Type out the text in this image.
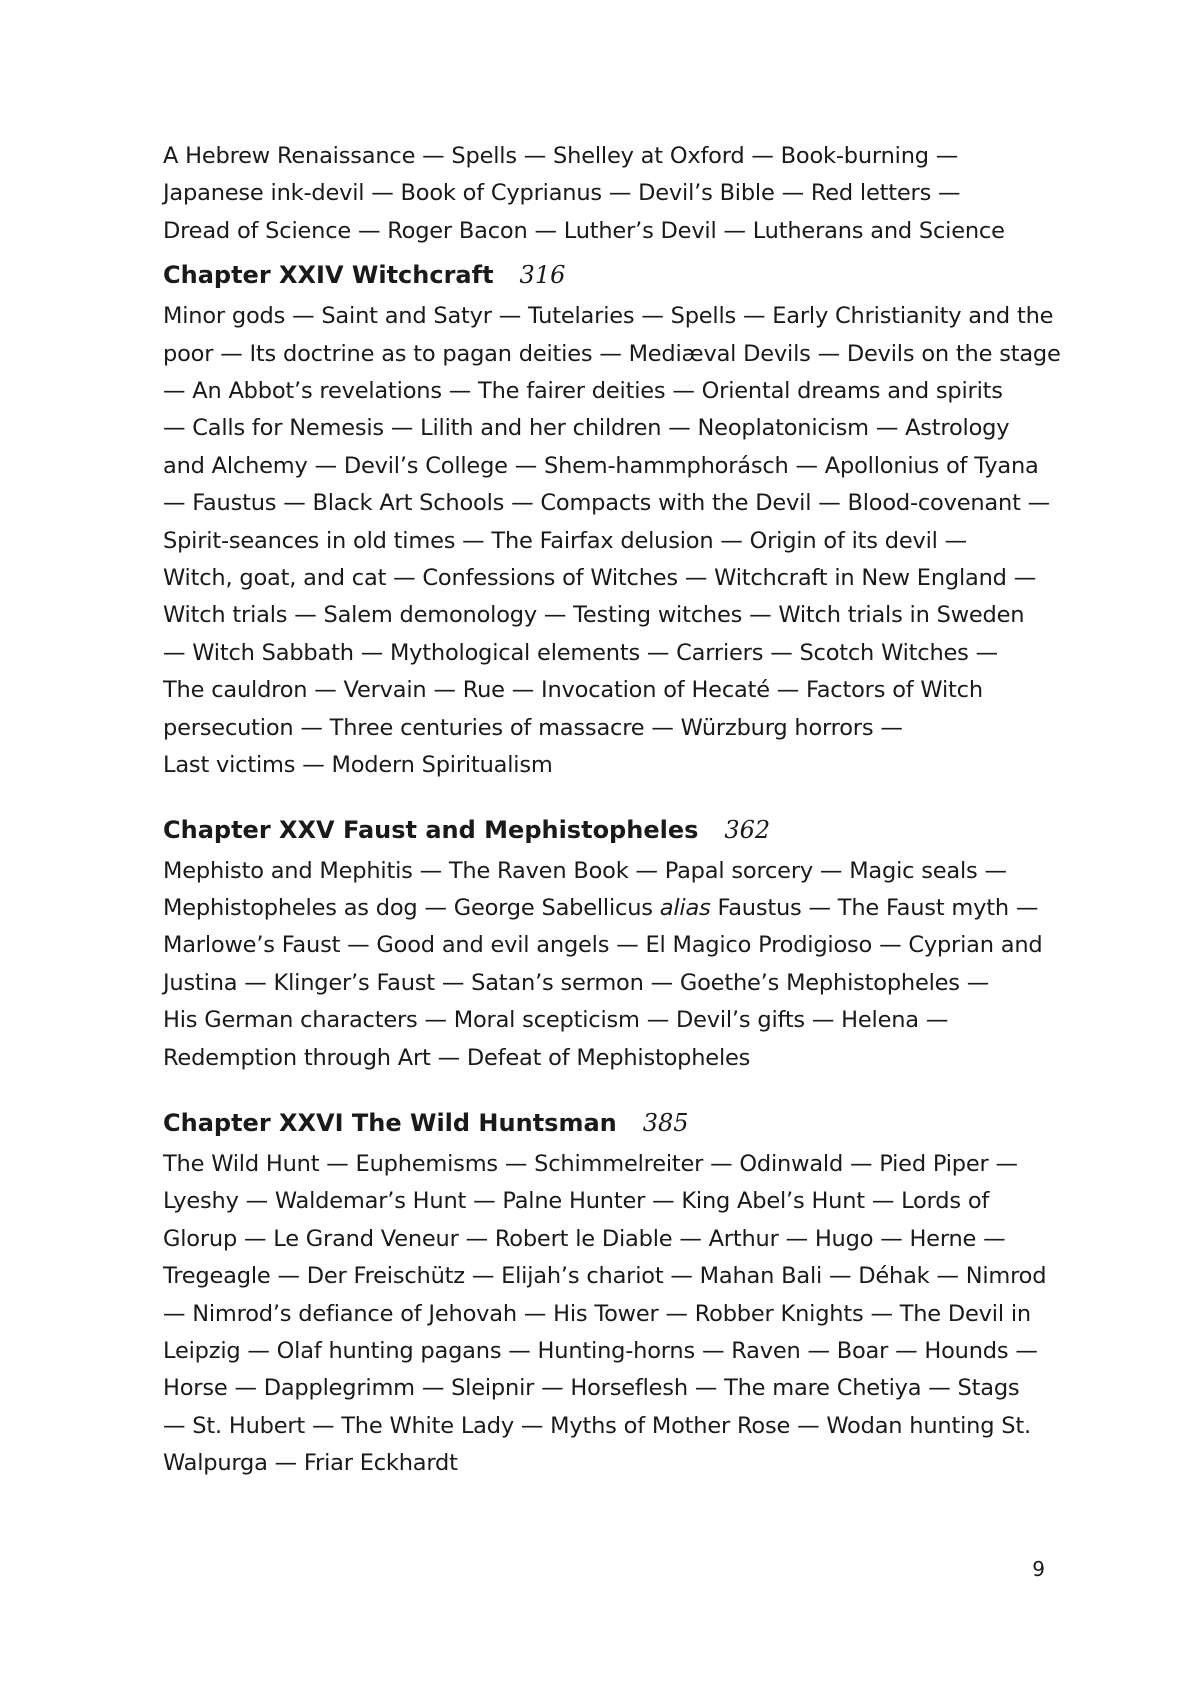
A Hebrew Renaissance — Spells — Shelley at Oxford — Book-burning —
Japanese ink-devil — Book of Cyprianus — Devil’s Bible — Red letters —
Dread of Science — Roger Bacon — Luther’s Devil — Lutherans and Science
Chapter XXIV Witchcraft 316
Minor gods — Saint and Satyr — Tutelaries — Spells — Early Christianity and the
poor — Its doctrine as to pagan deities — Mediæval Devils — Devils on the stage
— An Abbot’s revelations — The fairer deities — Oriental dreams and spirits
— Calls for Nemesis — Lilith and her children — Neoplatonicism — Astrology
and Alchemy — Devil’s College — Shem-hammphorásch — Apollonius of Tyana
— Faustus — Black Art Schools — Compacts with the Devil — Blood-covenant —
Spirit-seances in old times — The Fairfax delusion — Origin of its devil —
Witch, goat, and cat — Confessions of Witches — Witchcraft in New England —
Witch trials — Salem demonology — Testing witches — Witch trials in Sweden
— Witch Sabbath — Mythological elements — Carriers — Scotch Witches —
The cauldron — Vervain — Rue — Invocation of Hecaté — Factors of Witch
persecution — Three centuries of massacre — Würzburg horrors —
Last victims — Modern Spiritualism
Chapter XXV Faust and Mephistopheles 362
Mephisto and Mephitis — The Raven Book — Papal sorcery — Magic seals —
Mephistopheles as dog — George Sabellicus alias Faustus — The Faust myth —
Marlowe’s Faust — Good and evil angels — El Magico Prodigioso — Cyprian and
Justina — Klinger’s Faust — Satan’s sermon — Goethe’s Mephistopheles —
His German characters — Moral scepticism — Devil’s gifts — Helena —
Redemption through Art — Defeat of Mephistopheles
Chapter XXVI The Wild Huntsman 385
The Wild Hunt — Euphemisms — Schimmelreiter — Odinwald — Pied Piper —
Lyeshy — Waldemar’s Hunt — Palne Hunter — King Abel’s Hunt — Lords of
Glorup — Le Grand Veneur — Robert le Diable — Arthur — Hugo — Herne —
Tregeagle — Der Freischütz — Elijah’s chariot — Mahan Bali — Déhak — Nimrod
— Nimrod’s defiance of Jehovah — His Tower — Robber Knights — The Devil in
Leipzig — Olaf hunting pagans — Hunting-horns — Raven — Boar — Hounds —
Horse — Dapplegrimm — Sleipnir — Horseflesh — The mare Chetiya — Stags
— St. Hubert — The White Lady — Myths of Mother Rose — Wodan hunting St.
Walpurga — Friar Eckhardt
9
